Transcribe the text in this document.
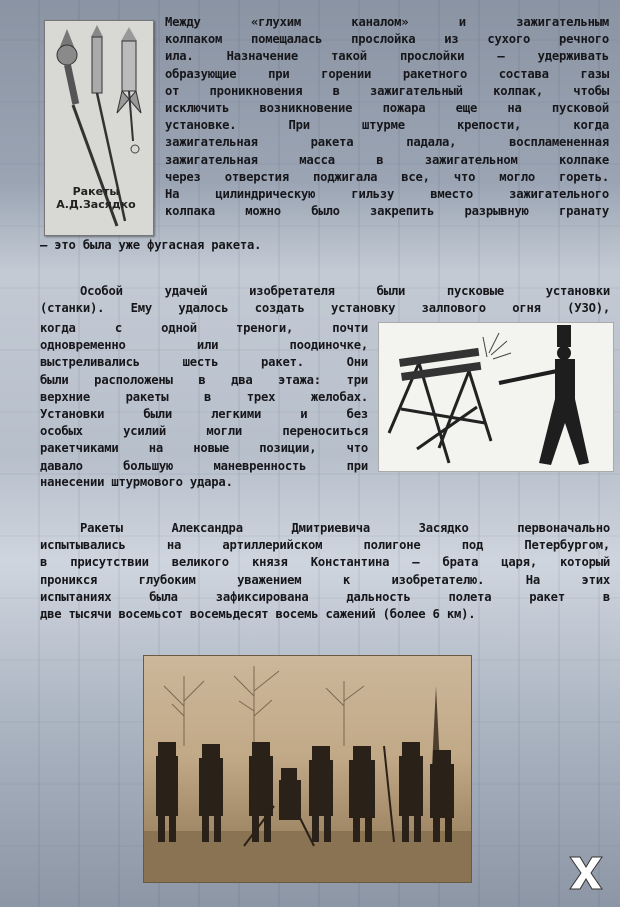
Ракеты
А.Д.Засядко
Между «глухим каналом» и зажигательным
колпаком помещалась прослойка из сухого речного
ила. Назначение такой прослойки – удерживать
образующие при горении ракетного состава газы
от проникновения в зажигательный колпак, чтобы
исключить возникновение пожара еще на пусковой
установке. При штурме крепости, когда
зажигательная ракета падала, воспламененная
зажигательная масса в зажигательном колпаке
через отверстия поджигала все, что могло гореть.
На цилиндрическую гильзу вместо зажигательного
колпака можно было закрепить разрывную гранату
– это была уже фугасная ракета.
Особой удачей изобретателя были пусковые установки
(станки). Ему удалось создать установку залпового огня (УЗО),
когда с одной треноги, почти
одновременно или поодиночке,
выстреливались шесть ракет. Они
были расположены в два этажа: три
верхние ракеты в трех желобах.
Установки были легкими и без
особых усилий могли переноситься
ракетчиками на новые позиции, что
давало большую маневренность при
нанесении штурмового удара.
Ракеты Александра Дмитриевича Засядко первоначально
испытывались на артиллерийском полигоне под Петербургом,
в присутствии великого князя Константина – брата царя, который
проникся глубоким уважением к изобретателю. На этих
испытаниях была зафиксирована дальность полета ракет в
две тысячи восемьсот восемьдесят восемь сажений (более 6 км).
